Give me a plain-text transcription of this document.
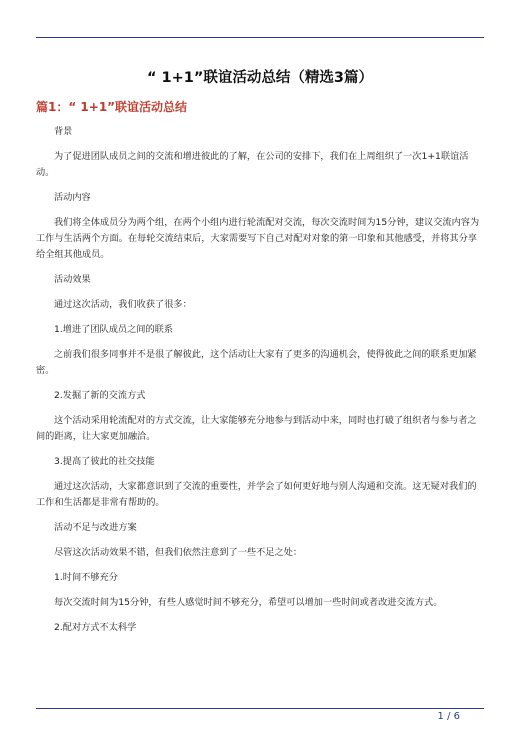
“ 1+1”联谊活动总结（精选3篇）
篇1：“ 1+1”联谊活动总结

背景

为了促进团队成员之间的交流和增进彼此的了解，在公司的安排下，我们在上周组织了一次1+1联谊活动。

活动内容

我们将全体成员分为两个组，在两个小组内进行轮流配对交流，每次交流时间为15分钟，建议交流内容为工作与生活两个方面。在每轮交流结束后，大家需要写下自己对配对对象的第一印象和其他感受，并将其分享给全组其他成员。

活动效果

通过这次活动，我们收获了很多：

1.增进了团队成员之间的联系

之前我们很多同事并不是很了解彼此，这个活动让大家有了更多的沟通机会，使得彼此之间的联系更加紧密。

2.发掘了新的交流方式

这个活动采用轮流配对的方式交流，让大家能够充分地参与到活动中来，同时也打破了组织者与参与者之间的距离，让大家更加融洽。

3.提高了彼此的社交技能

通过这次活动，大家都意识到了交流的重要性，并学会了如何更好地与别人沟通和交流。这无疑对我们的工作和生活都是非常有帮助的。

活动不足与改进方案

尽管这次活动效果不错，但我们依然注意到了一些不足之处：

1.时间不够充分

每次交流时间为15分钟，有些人感觉时间不够充分，希望可以增加一些时间或者改进交流方式。

2.配对方式不太科学

1 / 6
